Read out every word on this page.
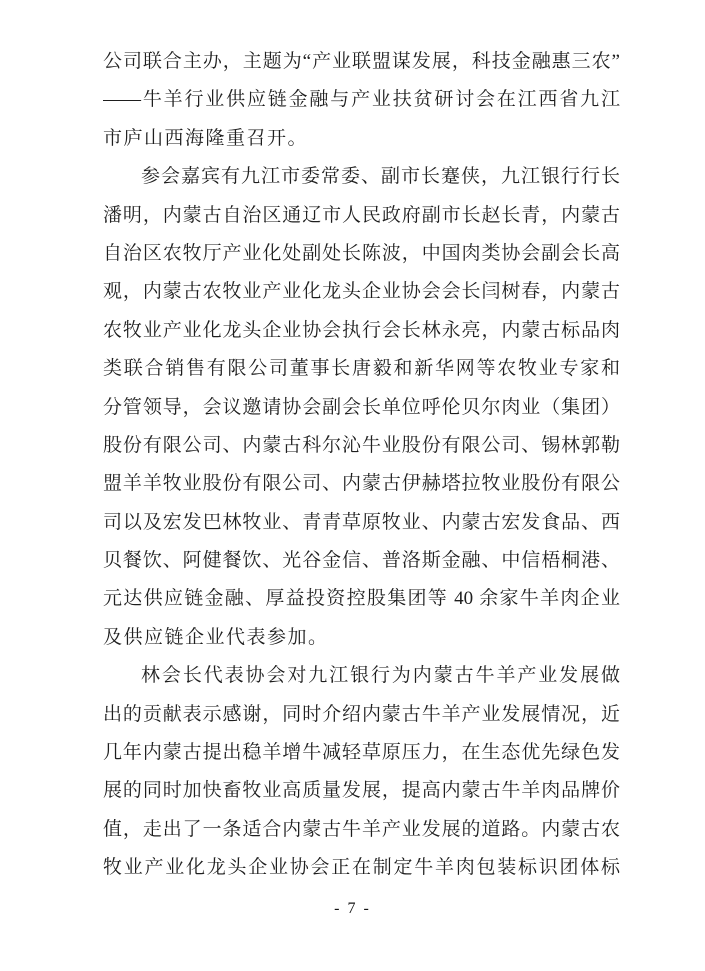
公司联合主办，主题为“产业联盟谋发展，科技金融惠三农”
——牛羊行业供应链金融与产业扶贫研讨会在江西省九江
市庐山西海隆重召开。
参会嘉宾有九江市委常委、副市长蹇侠，九江银行行长
潘明，内蒙古自治区通辽市人民政府副市长赵长青，内蒙古
自治区农牧厅产业化处副处长陈波，中国肉类协会副会长高
观，内蒙古农牧业产业化龙头企业协会会长闫树春，内蒙古
农牧业产业化龙头企业协会执行会长林永亮，内蒙古标品肉
类联合销售有限公司董事长唐毅和新华网等农牧业专家和
分管领导，会议邀请协会副会长单位呼伦贝尔肉业（集团）
股份有限公司、内蒙古科尔沁牛业股份有限公司、锡林郭勒
盟羊羊牧业股份有限公司、内蒙古伊赫塔拉牧业股份有限公
司以及宏发巴林牧业、青青草原牧业、内蒙古宏发食品、西
贝餐饮、阿健餐饮、光谷金信、普洛斯金融、中信梧桐港、
元达供应链金融、厚益投资控股集团等 40 余家牛羊肉企业
及供应链企业代表参加。
林会长代表协会对九江银行为内蒙古牛羊产业发展做
出的贡献表示感谢，同时介绍内蒙古牛羊产业发展情况，近
几年内蒙古提出稳羊增牛减轻草原压力，在生态优先绿色发
展的同时加快畜牧业高质量发展，提高内蒙古牛羊肉品牌价
值，走出了一条适合内蒙古牛羊产业发展的道路。内蒙古农
牧业产业化龙头企业协会正在制定牛羊肉包装标识团体标
- 7 -
